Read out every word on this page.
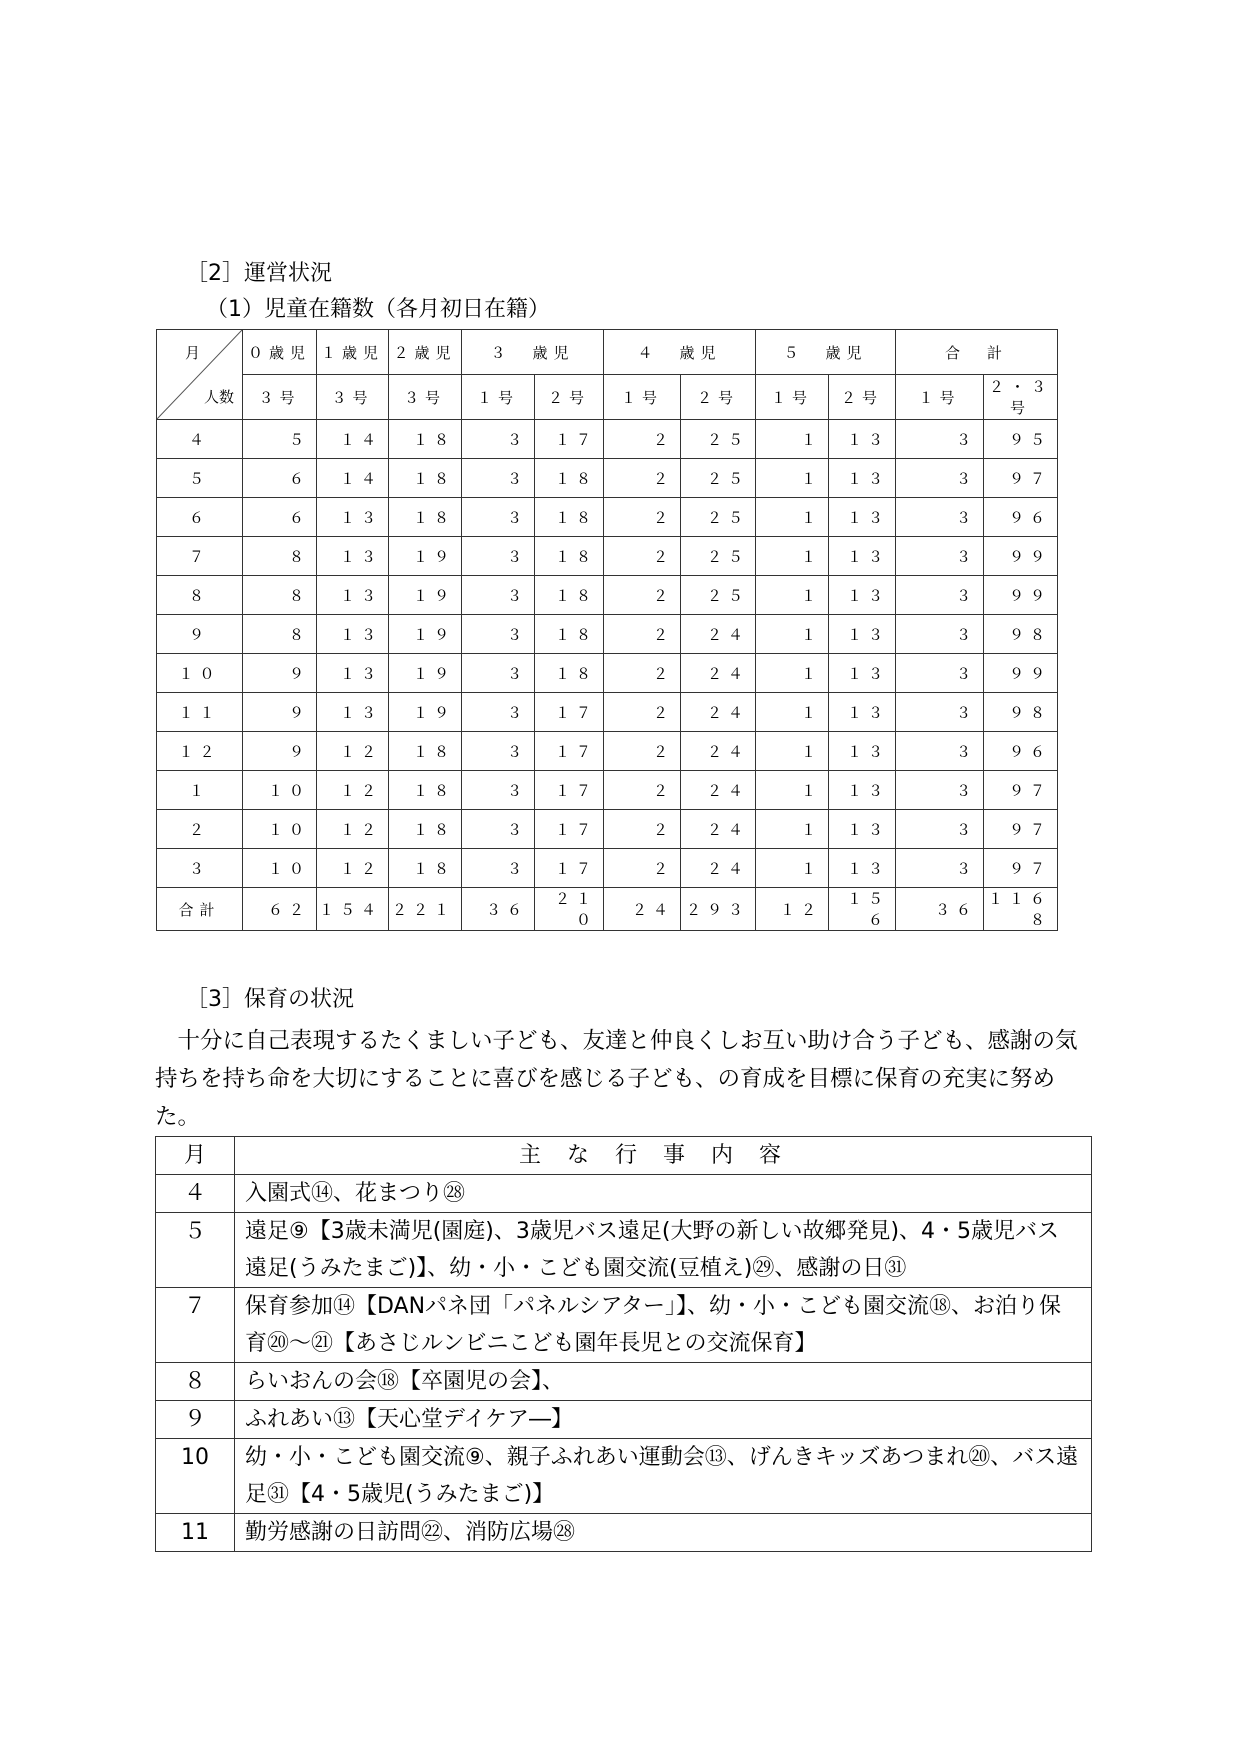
［2］運営状況
（1）児童在籍数（各月初日在籍）
月
人数	０歳児	１歳児	２歳児	３　歳児		４　歳児		５　歳児		合　計	
	３号	３号	３号	１号	２号	１号	２号	１号	２号	１号	２・３号
４	５	１４	１８	３	１７	２	２５	１	１３	３	９５
５	６	１４	１８	３	１８	２	２５	１	１３	３	９７
６	６	１３	１８	３	１８	２	２５	１	１３	３	９６
７	８	１３	１９	３	１８	２	２５	１	１３	３	９９
８	８	１３	１９	３	１８	２	２５	１	１３	３	９９
９	８	１３	１９	３	１８	２	２４	１	１３	３	９８
１０	９	１３	１９	３	１８	２	２４	１	１３	３	９９
１１	９	１３	１９	３	１７	２	２４	１	１３	３	９８
１２	９	１２	１８	３	１７	２	２４	１	１３	３	９６
１	１０	１２	１８	３	１７	２	２４	１	１３	３	９７
２	１０	１２	１８	３	１７	２	２４	１	１３	３	９７
３	１０	１２	１８	３	１７	２	２４	１	１３	３	９７
合計	６２	１５４	２２１	３６	２１０	２４	２９３	１２	１５６	３６	１１６８
［3］保育の状況
　十分に自己表現するたくましい子ども、友達と仲良くしお互い助け合う子ども、感謝の気持ちを持ち命を大切にすることに喜びを感じる子ども、の育成を目標に保育の充実に努めた。
月	主な行事内容
４	入園式⑭、花まつり㉘
５	遠足⑨【3歳未満児(園庭)、3歳児バス遠足(大野の新しい故郷発見)、4・5歳児バス遠足(うみたまご)】、幼・小・こども園交流(豆植え)㉙、感謝の日㉛
７	保育参加⑭【DANパネ団「パネルシアター」】、幼・小・こども園交流⑱、お泊り保育⑳～㉑【あさじルンビニこども園年長児との交流保育】
８	らいおんの会⑱【卒園児の会】、
９	ふれあい⑬【天心堂デイケア―】
10	幼・小・こども園交流⑨、親子ふれあい運動会⑬、げんきキッズあつまれ⑳、バス遠足㉛【4・5歳児(うみたまご)】
11	勤労感謝の日訪問㉒、消防広場㉘
